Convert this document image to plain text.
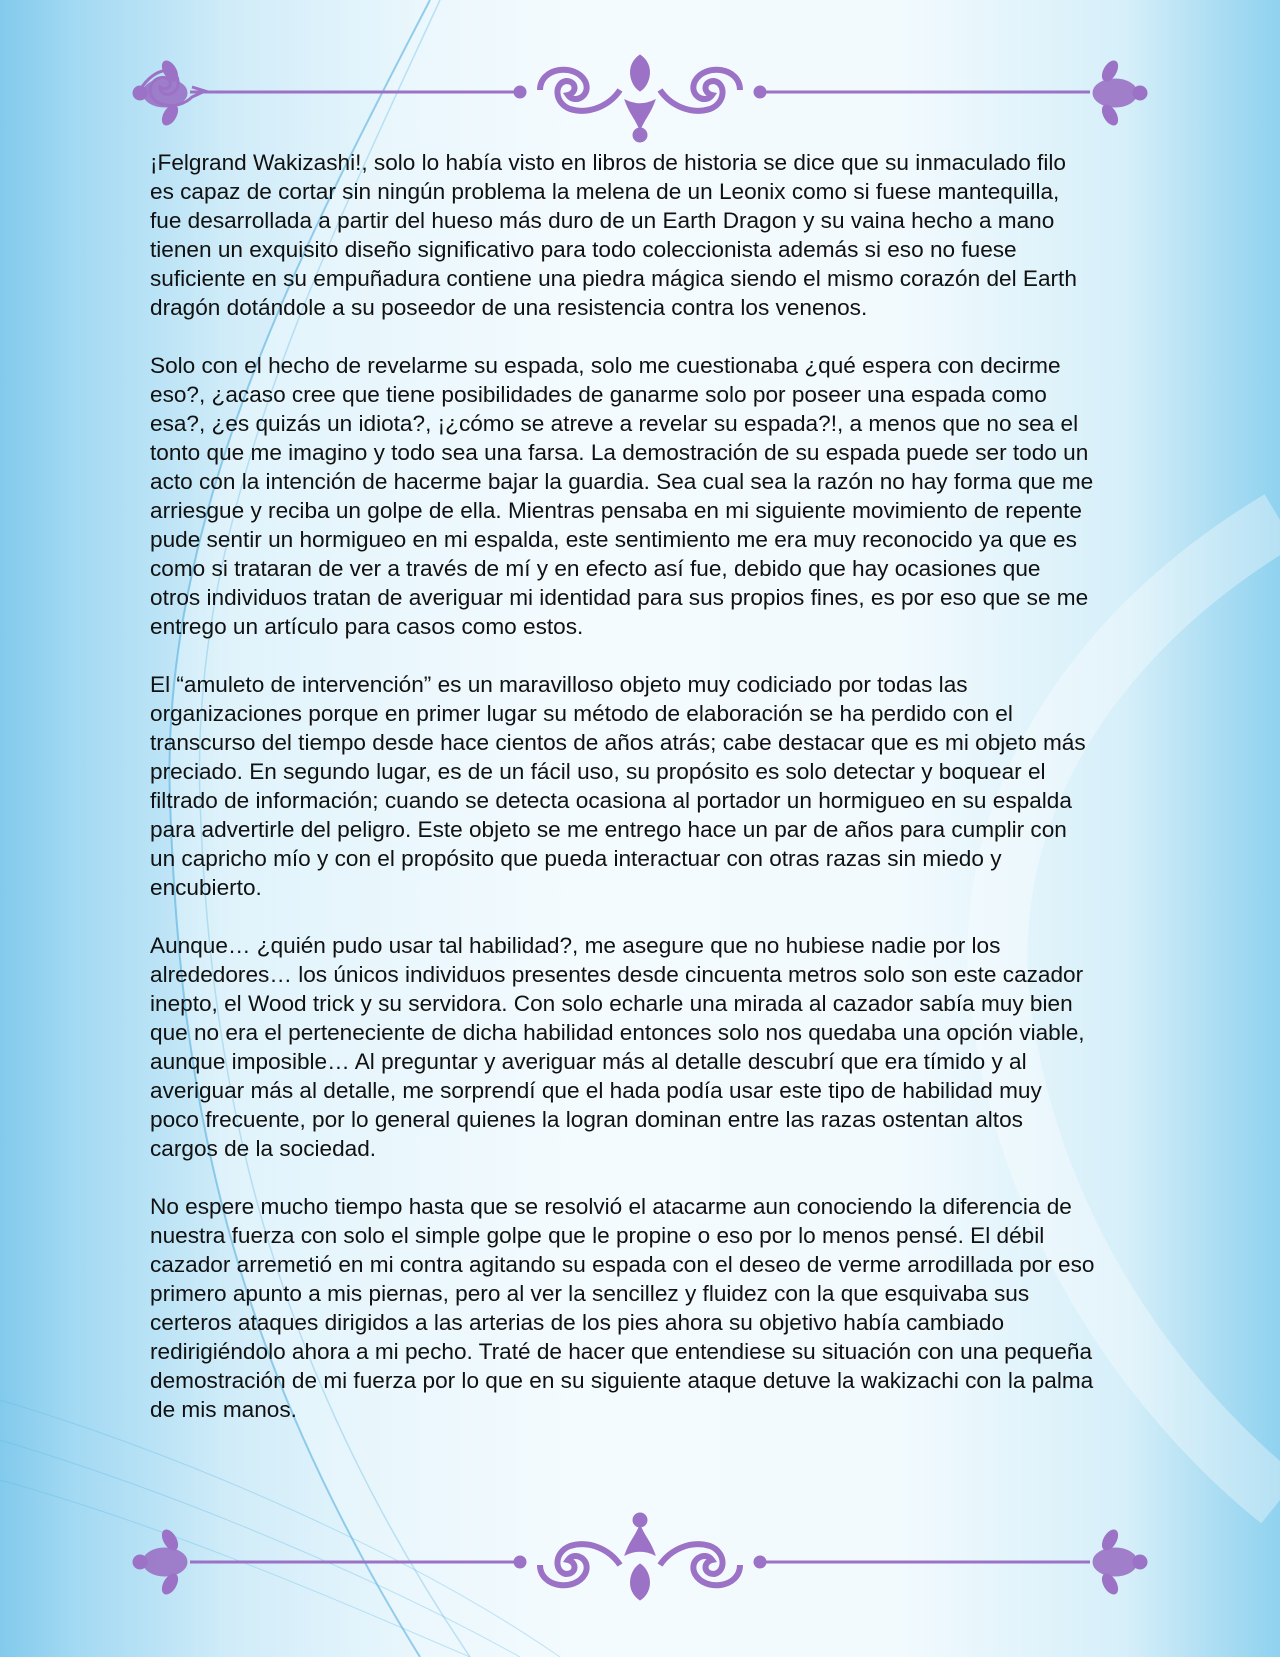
¡Felgrand Wakizashi!, solo lo había visto en libros de historia se dice que su inmaculado filo es capaz de cortar sin ningún problema la melena de un Leonix como si fuese mantequilla, fue desarrollada a partir del hueso más duro de un Earth Dragon y su vaina hecho a mano tienen un exquisito diseño significativo para todo coleccionista además si eso no fuese suficiente en su empuñadura contiene una piedra mágica siendo el mismo corazón del Earth dragón dotándole a su poseedor de una resistencia contra los venenos.

Solo con el hecho de revelarme su espada, solo me cuestionaba ¿qué espera con decirme eso?, ¿acaso cree que tiene posibilidades de ganarme solo por poseer una espada como esa?, ¿es quizás un idiota?, ¡¿cómo se atreve a revelar su espada?!, a menos que no sea el tonto que me imagino y todo sea una farsa. La demostración de su espada puede ser todo un acto con la intención de hacerme bajar la guardia. Sea cual sea la razón no hay forma que me arriesgue y reciba un golpe de ella. Mientras pensaba en mi siguiente movimiento de repente pude sentir un hormigueo en mi espalda, este sentimiento me era muy reconocido ya que es como si trataran de ver a través de mí y en efecto así fue, debido que hay ocasiones que otros individuos tratan de averiguar mi identidad para sus propios fines, es por eso que se me entrego un artículo para casos como estos.

El “amuleto de intervención” es un maravilloso objeto muy codiciado por todas las organizaciones porque en primer lugar su método de elaboración se ha perdido con el transcurso del tiempo desde hace cientos de años atrás; cabe destacar que es mi objeto más preciado. En segundo lugar, es de un fácil uso, su propósito es solo detectar y boquear el filtrado de información; cuando se detecta ocasiona al portador un hormigueo en su espalda para advertirle del peligro. Este objeto se me entrego hace un par de años para cumplir con un capricho mío y con el propósito que pueda interactuar con otras razas sin miedo y encubierto.

Aunque… ¿quién pudo usar tal habilidad?, me asegure que no hubiese nadie por los alrededores… los únicos individuos presentes desde cincuenta metros solo son este cazador inepto, el Wood trick y su servidora. Con solo echarle una mirada al cazador sabía muy bien que no era el perteneciente de dicha habilidad entonces solo nos quedaba una opción viable, aunque imposible… Al preguntar y averiguar más al detalle descubrí que era tímido y al averiguar más al detalle, me sorprendí que el hada podía usar este tipo de habilidad muy poco frecuente, por lo general quienes la logran dominan entre las razas ostentan altos cargos de la sociedad.

No espere mucho tiempo hasta que se resolvió el atacarme aun conociendo la diferencia de nuestra fuerza con solo el simple golpe que le propine o eso por lo menos pensé. El débil cazador arremetió en mi contra agitando su espada con el deseo de verme arrodillada por eso primero apunto a mis piernas, pero al ver la sencillez y fluidez con la que esquivaba sus certeros ataques dirigidos a las arterias de los pies ahora su objetivo había cambiado redirigiéndolo ahora a mi pecho. Traté de hacer que entendiese su situación con una pequeña demostración de mi fuerza por lo que en su siguiente ataque detuve la wakizachi con la palma de mis manos.
